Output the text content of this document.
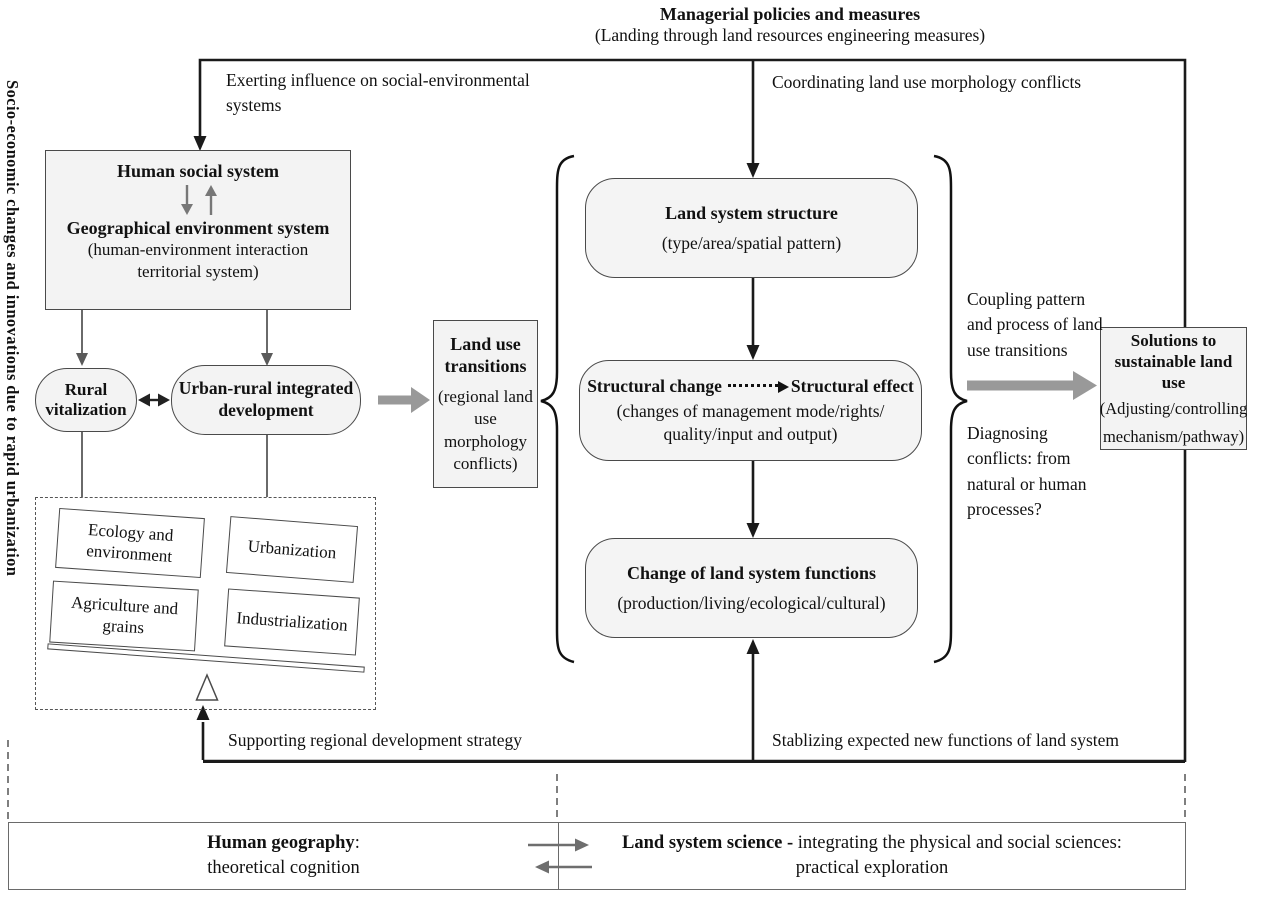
Socio-economic changes and innovations due to rapid urbanization
Managerial policies and measures
(Landing through land resources engineering measures)
Exerting influence on social-environmental systems
Coordinating land use morphology conflicts
Supporting regional development strategy	Stablizing expected new functions of land system
Coupling pattern and process of land use transitions
Diagnosing conflicts: from natural or human processes?
Human social system
Geographical environment system
(human-environment interaction territorial system)
Rural vitalization
Urban-rural integrated development
Ecology and environment	Urbanization
Agriculture and grains	Industrialization
Land use transitions
(regional land use morphology conflicts)
Land system structure
(type/area/spatial pattern)
Structural change	Structural effect
(changes of management mode/rights/
quality/input and output)
Change of land system functions
(production/living/ecological/cultural)
Solutions to
sustainable land use
(Adjusting/controlling
mechanism/pathway)
Human geography:
theoretical cognition
Land system science - integrating the physical and social sciences:
practical exploration
